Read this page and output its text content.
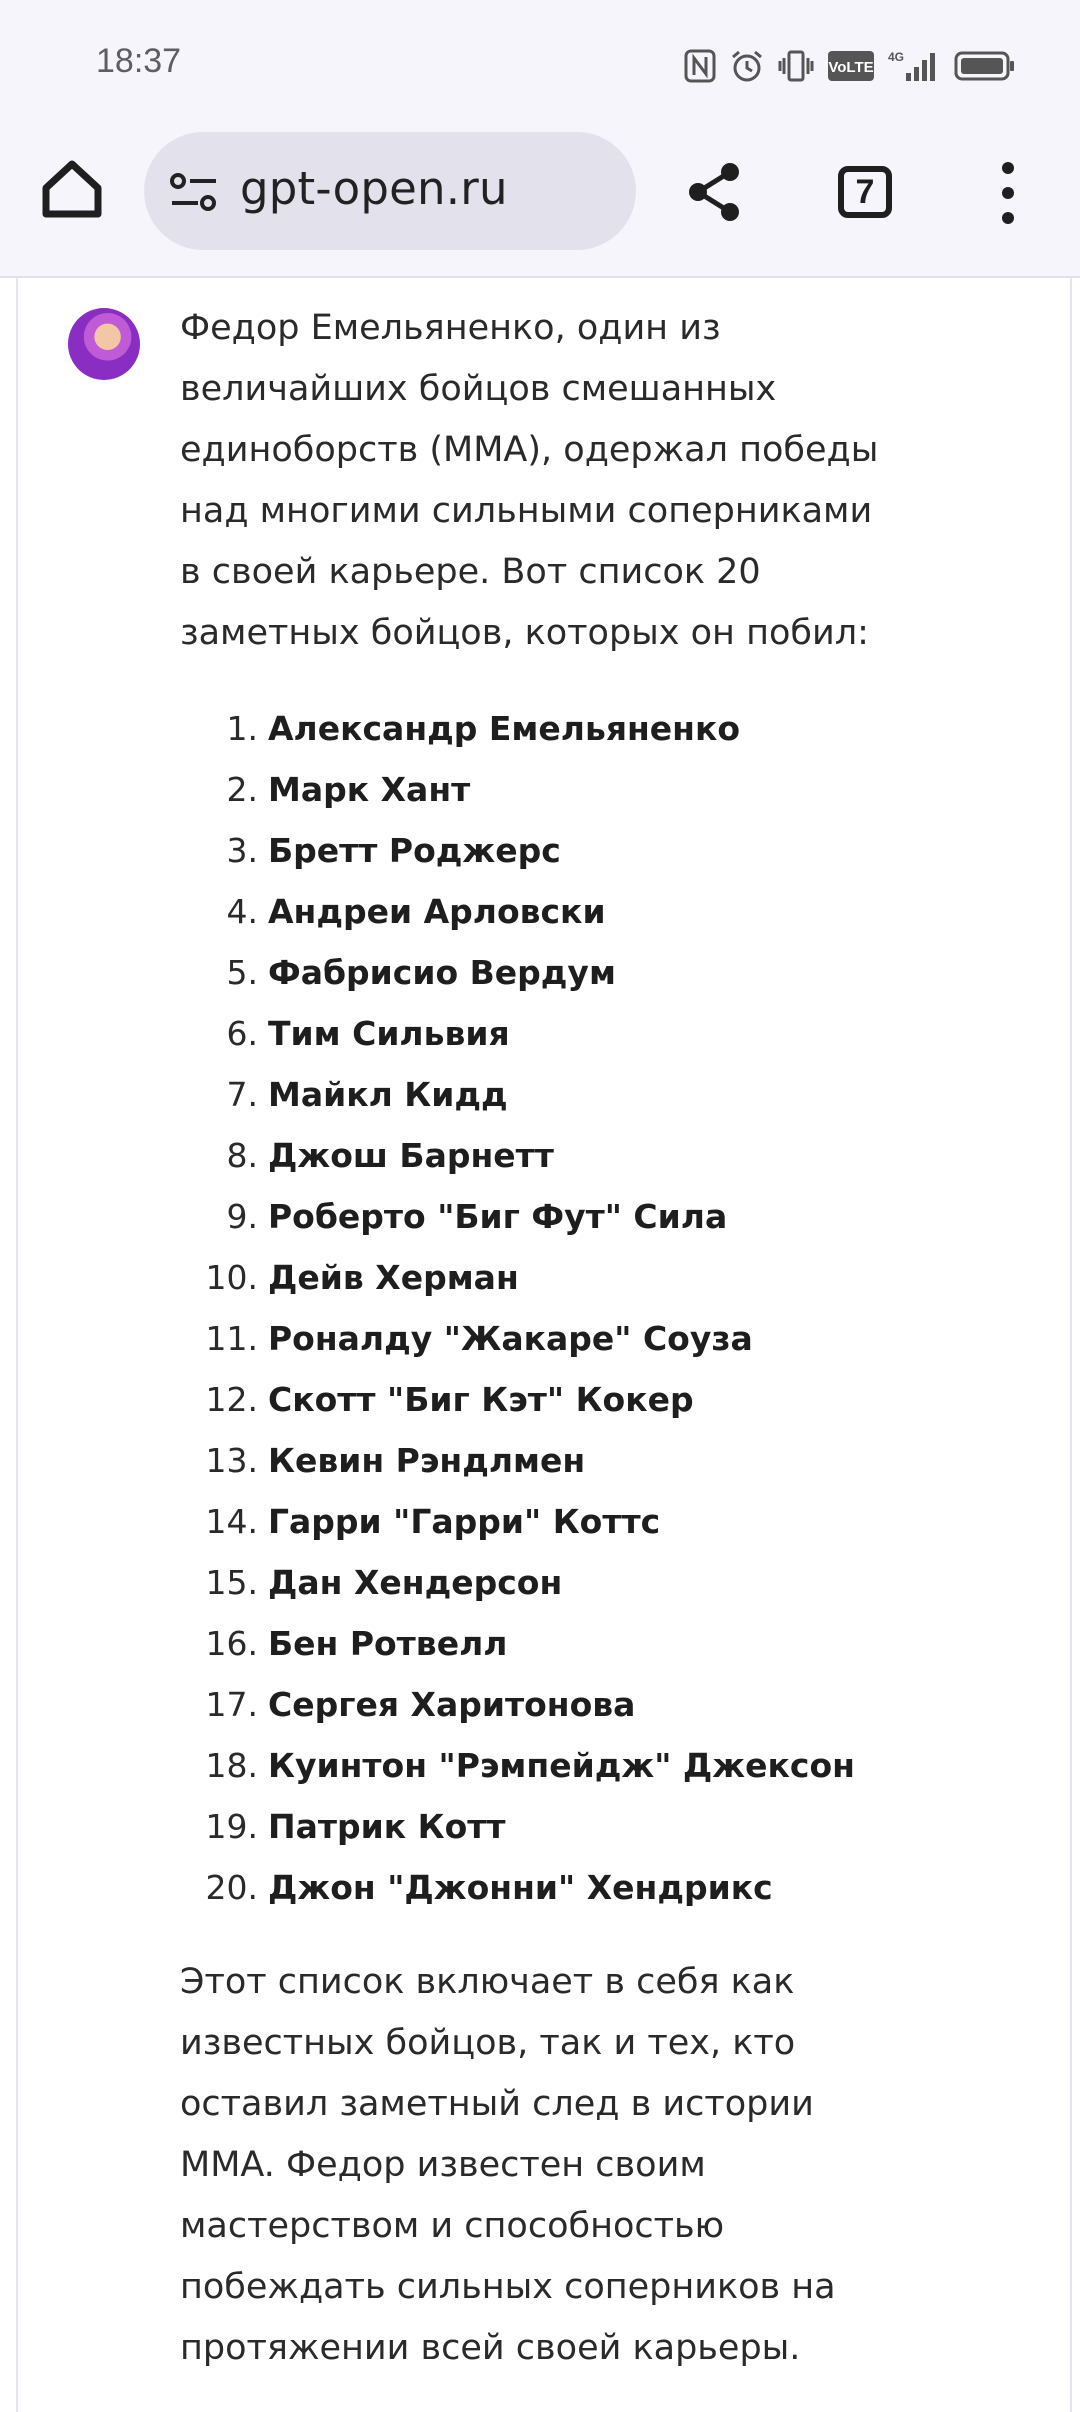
18:37	VoLTE
4G
gpt-open.ru	7

Федор Емельяненко, один из величайших бойцов смешанных единоборств (MMA), одержал победы над многими сильными соперниками в своей карьере. Вот список 20 заметных бойцов, которых он побил:

1. Александр Емельяненко
2. Марк Хант
3. Бретт Роджерс
4. Андреи Арловски
5. Фабрисио Вердум
6. Тим Сильвия
7. Майкл Кидд
8. Джош Барнетт
9. Роберто "Биг Фут" Сила
10. Дейв Херман
11. Роналду "Жакаре" Соуза
12. Скотт "Биг Кэт" Кокер
13. Кевин Рэндлмен
14. Гарри "Гарри" Коттс
15. Дан Хендерсон
16. Бен Ротвелл
17. Сергея Харитонова
18. Куинтон "Рэмпейдж" Джексон
19. Патрик Котт
20. Джон "Джонни" Хендрикс

Этот список включает в себя как известных бойцов, так и тех, кто оставил заметный след в истории MMA. Федор известен своим мастерством и способностью побеждать сильных соперников на протяжении всей своей карьеры.
